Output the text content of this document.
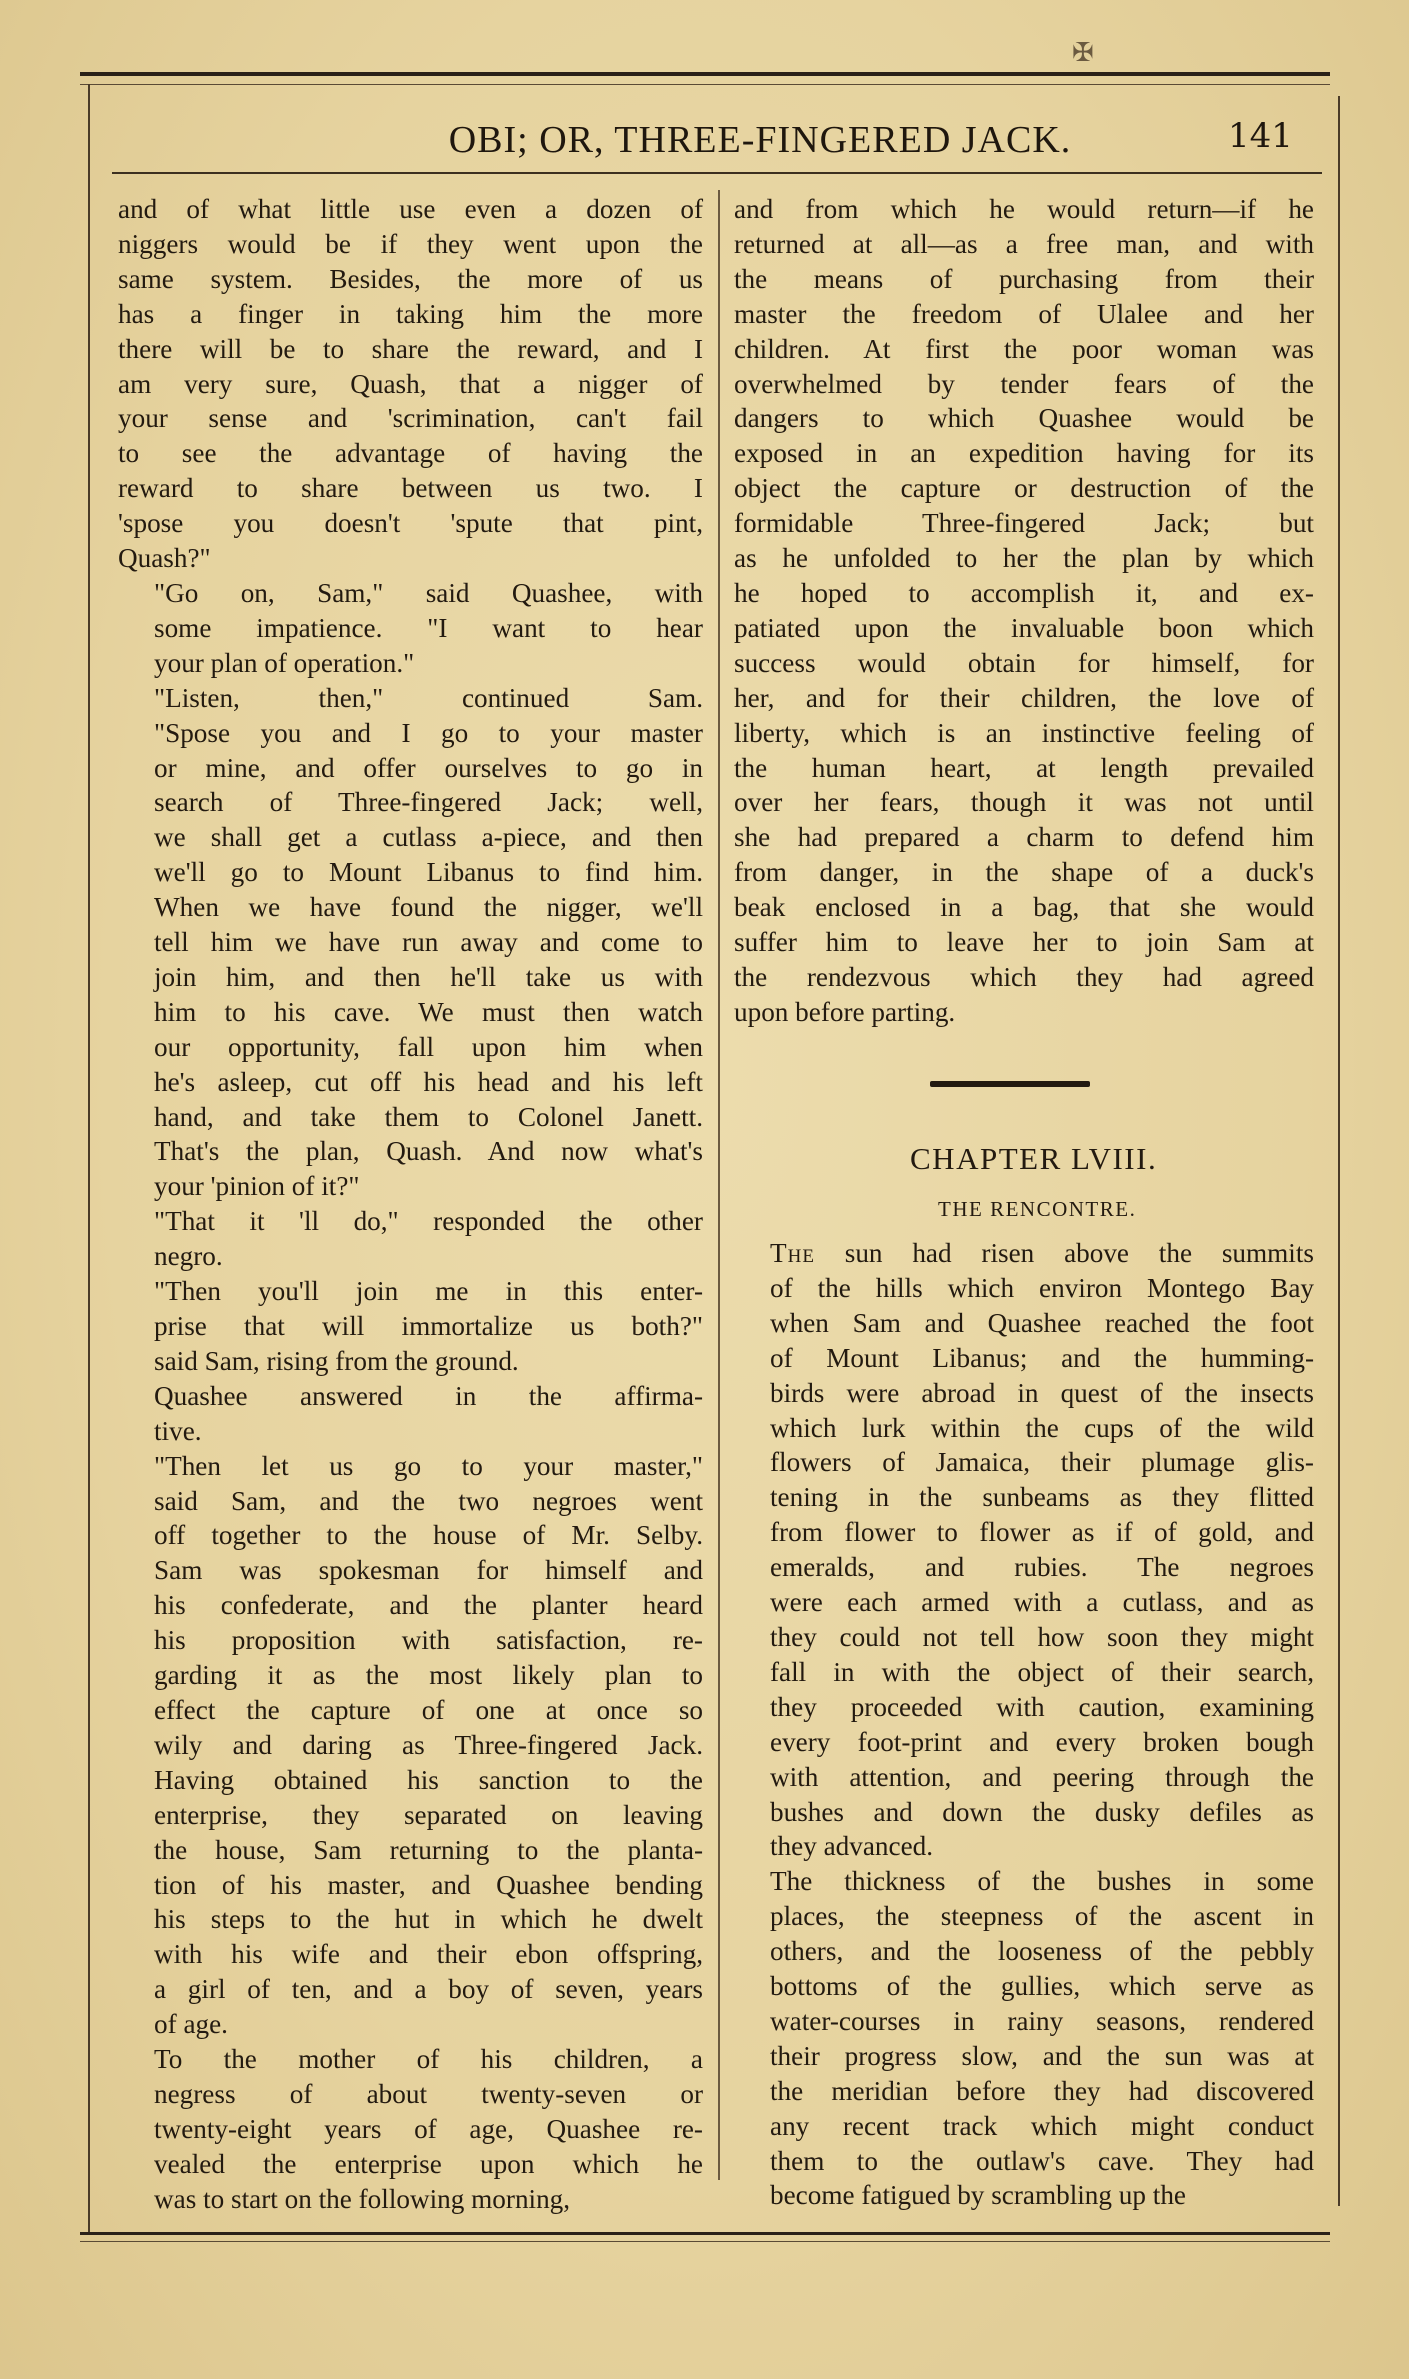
✠
OBI; OR, THREE-FINGERED JACK.	141
and of what little use even a dozen of
niggers would be if they went upon the
same system. Besides, the more of us
has a finger in taking him the more
there will be to share the reward, and I
am very sure, Quash, that a nigger of
your sense and 'scrimination, can't fail
to see the advantage of having the
reward to share between us two. I
'spose you doesn't 'spute that pint,
Quash?"
"Go on, Sam," said Quashee, with
some impatience. "I want to hear
your plan of operation."
"Listen, then," continued Sam.
"Spose you and I go to your master
or mine, and offer ourselves to go in
search of Three-fingered Jack; well,
we shall get a cutlass a-piece, and then
we'll go to Mount Libanus to find him.
When we have found the nigger, we'll
tell him we have run away and come to
join him, and then he'll take us with
him to his cave. We must then watch
our opportunity, fall upon him when
he's asleep, cut off his head and his left
hand, and take them to Colonel Janett.
That's the plan, Quash. And now what's
your 'pinion of it?"
"That it 'll do," responded the other
negro.
"Then you'll join me in this enter-
prise that will immortalize us both?"
said Sam, rising from the ground.
Quashee answered in the affirma-
tive.
"Then let us go to your master,"
said Sam, and the two negroes went
off together to the house of Mr. Selby.
Sam was spokesman for himself and
his confederate, and the planter heard
his proposition with satisfaction, re-
garding it as the most likely plan to
effect the capture of one at once so
wily and daring as Three-fingered Jack.
Having obtained his sanction to the
enterprise, they separated on leaving
the house, Sam returning to the planta-
tion of his master, and Quashee bending
his steps to the hut in which he dwelt
with his wife and their ebon offspring,
a girl of ten, and a boy of seven, years
of age.
To the mother of his children, a
negress of about twenty-seven or
twenty-eight years of age, Quashee re-
vealed the enterprise upon which he
was to start on the following morning,
and from which he would return—if he
returned at all—as a free man, and with
the means of purchasing from their
master the freedom of Ulalee and her
children. At first the poor woman was
overwhelmed by tender fears of the
dangers to which Quashee would be
exposed in an expedition having for its
object the capture or destruction of the
formidable Three-fingered Jack; but
as he unfolded to her the plan by which
he hoped to accomplish it, and ex-
patiated upon the invaluable boon which
success would obtain for himself, for
her, and for their children, the love of
liberty, which is an instinctive feeling of
the human heart, at length prevailed
over her fears, though it was not until
she had prepared a charm to defend him
from danger, in the shape of a duck's
beak enclosed in a bag, that she would
suffer him to leave her to join Sam at
the rendezvous which they had agreed
upon before parting.
CHAPTER LVIII.
THE RENCONTRE.
The sun had risen above the summits
of the hills which environ Montego Bay
when Sam and Quashee reached the foot
of Mount Libanus; and the humming-
birds were abroad in quest of the insects
which lurk within the cups of the wild
flowers of Jamaica, their plumage glis-
tening in the sunbeams as they flitted
from flower to flower as if of gold, and
emeralds, and rubies. The negroes
were each armed with a cutlass, and as
they could not tell how soon they might
fall in with the object of their search,
they proceeded with caution, examining
every foot-print and every broken bough
with attention, and peering through the
bushes and down the dusky defiles as
they advanced.
The thickness of the bushes in some
places, the steepness of the ascent in
others, and the looseness of the pebbly
bottoms of the gullies, which serve as
water-courses in rainy seasons, rendered
their progress slow, and the sun was at
the meridian before they had discovered
any recent track which might conduct
them to the outlaw's cave. They had
become fatigued by scrambling up the
